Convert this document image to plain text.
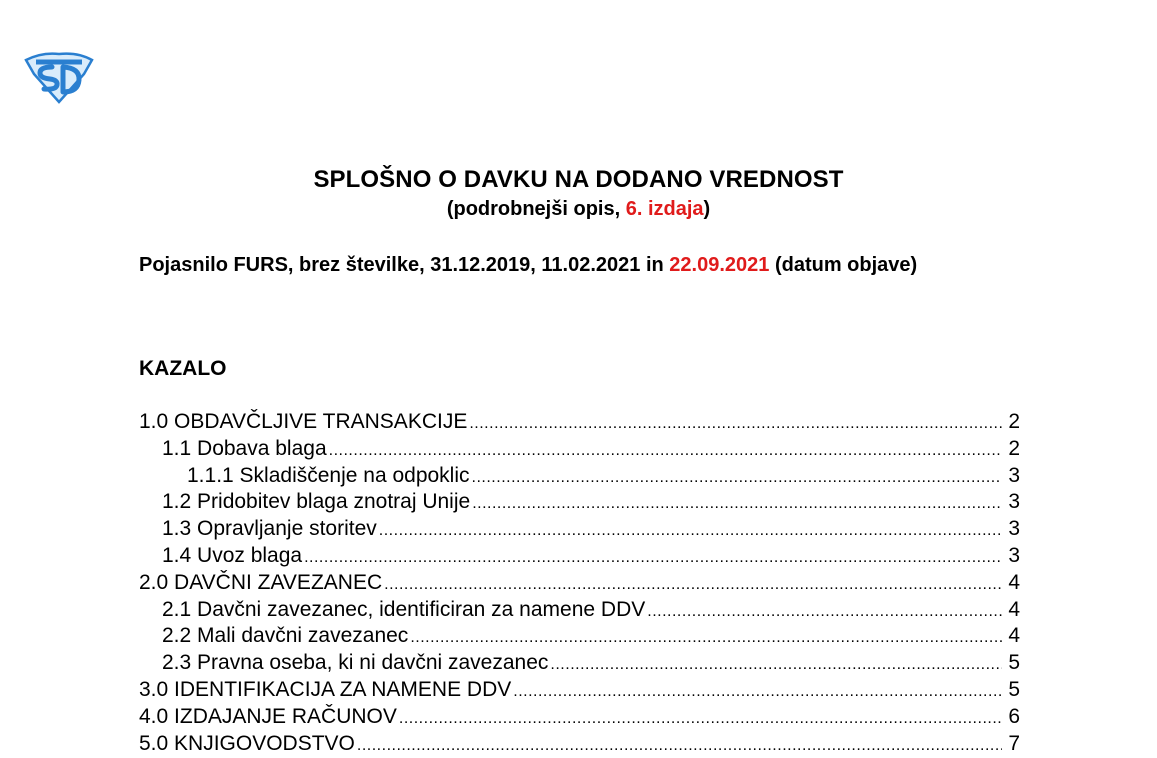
SPLOŠNO O DAVKU NA DODANO VREDNOST
(podrobnejši opis, 6. izdaja)
Pojasnilo FURS, brez številke, 31.12.2019, 11.02.2021 in 22.09.2021 (datum objave)
KAZALO
1.0 OBDAVČLJIVE TRANSAKCIJE .....	2
1.1 Dobava blaga .....	2
1.1.1 Skladiščenje na odpoklic .....	3
1.2 Pridobitev blaga znotraj Unije .....	3
1.3 Opravljanje storitev .....	3
1.4 Uvoz blaga .....	3
2.0 DAVČNI ZAVEZANEC .....	4
2.1 Davčni zavezanec, identificiran za namene DDV .....	4
2.2 Mali davčni zavezanec .....	4
2.3 Pravna oseba, ki ni davčni zavezanec .....	5
3.0 IDENTIFIKACIJA ZA NAMENE DDV .....	5
4.0 IZDAJANJE RAČUNOV .....	6
5.0 KNJIGOVODSTVO .....	7
